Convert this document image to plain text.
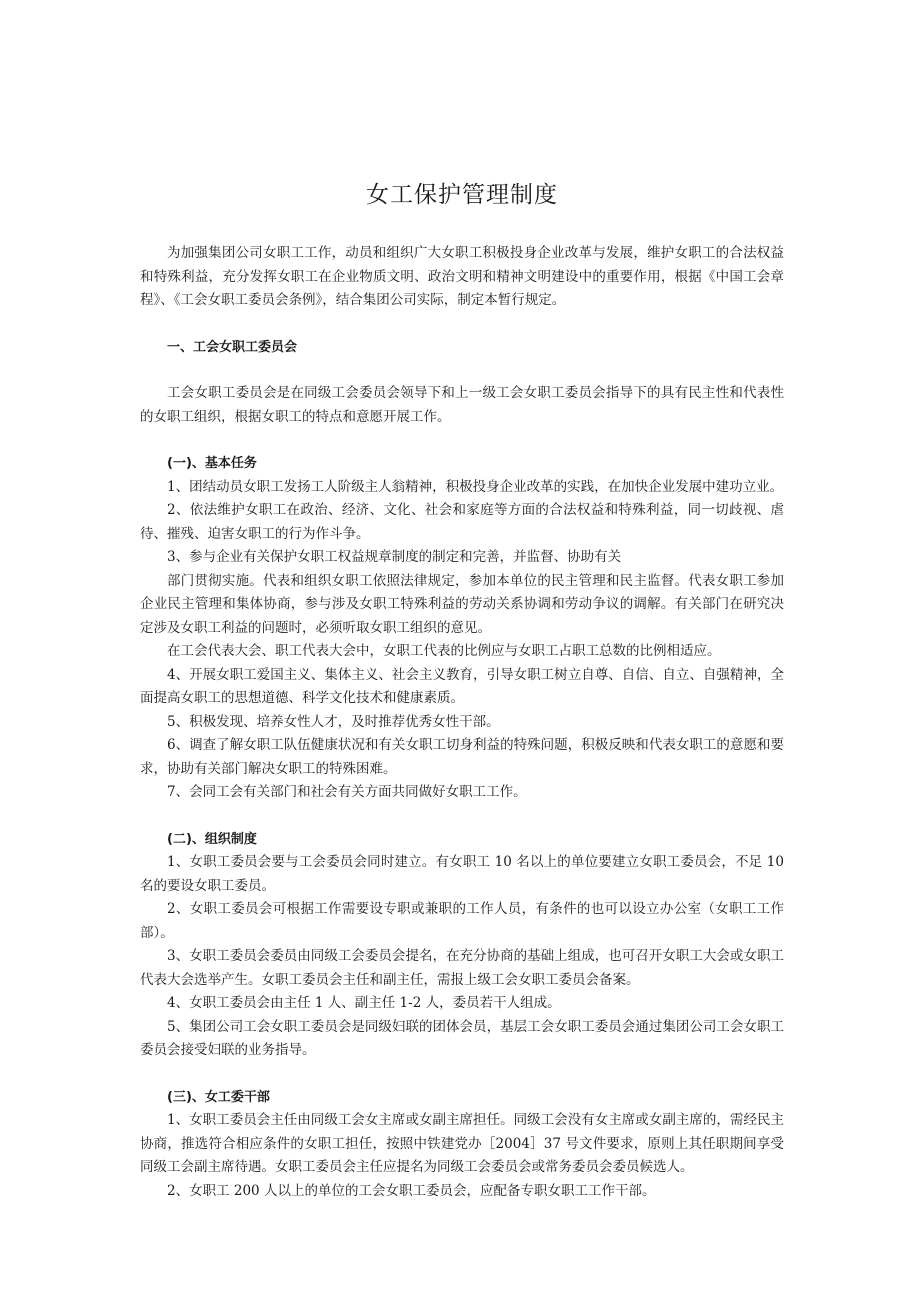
女工保护管理制度

为加强集团公司女职工工作，动员和组织广大女职工积极投身企业改革与发展，维护女职工的合法权益和特殊利益，充分发挥女职工在企业物质文明、政治文明和精神文明建设中的重要作用，根据《中国工会章程》、《工会女职工委员会条例》，结合集团公司实际，制定本暂行规定。

一、工会女职工委员会

工会女职工委员会是在同级工会委员会领导下和上一级工会女职工委员会指导下的具有民主性和代表性的女职工组织，根据女职工的特点和意愿开展工作。

(一)、基本任务

1、团结动员女职工发扬工人阶级主人翁精神，积极投身企业改革的实践，在加快企业发展中建功立业。

2、依法维护女职工在政治、经济、文化、社会和家庭等方面的合法权益和特殊利益，同一切歧视、虐待、摧残、迫害女职工的行为作斗争。

3、参与企业有关保护女职工权益规章制度的制定和完善，并监督、协助有关

部门贯彻实施。代表和组织女职工依照法律规定，参加本单位的民主管理和民主监督。代表女职工参加企业民主管理和集体协商，参与涉及女职工特殊利益的劳动关系协调和劳动争议的调解。有关部门在研究决定涉及女职工利益的问题时，必须听取女职工组织的意见。

在工会代表大会、职工代表大会中，女职工代表的比例应与女职工占职工总数的比例相适应。

4、开展女职工爱国主义、集体主义、社会主义教育，引导女职工树立自尊、自信、自立、自强精神，全面提高女职工的思想道德、科学文化技术和健康素质。

5、积极发现、培养女性人才，及时推荐优秀女性干部。

6、调查了解女职工队伍健康状况和有关女职工切身利益的特殊问题，积极反映和代表女职工的意愿和要求，协助有关部门解决女职工的特殊困难。

7、会同工会有关部门和社会有关方面共同做好女职工工作。

(二)、组织制度

1、女职工委员会要与工会委员会同时建立。有女职工 10 名以上的单位要建立女职工委员会，不足 10 名的要设女职工委员。

2、女职工委员会可根据工作需要设专职或兼职的工作人员，有条件的也可以设立办公室（女职工工作部）。

3、女职工委员会委员由同级工会委员会提名，在充分协商的基础上组成，也可召开女职工大会或女职工代表大会选举产生。女职工委员会主任和副主任，需报上级工会女职工委员会备案。

4、女职工委员会由主任 1 人、副主任 1-2 人，委员若干人组成。

5、集团公司工会女职工委员会是同级妇联的团体会员，基层工会女职工委员会通过集团公司工会女职工委员会接受妇联的业务指导。

(三)、女工委干部

1、女职工委员会主任由同级工会女主席或女副主席担任。同级工会没有女主席或女副主席的，需经民主协商，推选符合相应条件的女职工担任，按照中铁建党办［2004］37 号文件要求，原则上其任职期间享受同级工会副主席待遇。女职工委员会主任应提名为同级工会委员会或常务委员会委员候选人。

2、女职工 200 人以上的单位的工会女职工委员会，应配备专职女职工工作干部。
